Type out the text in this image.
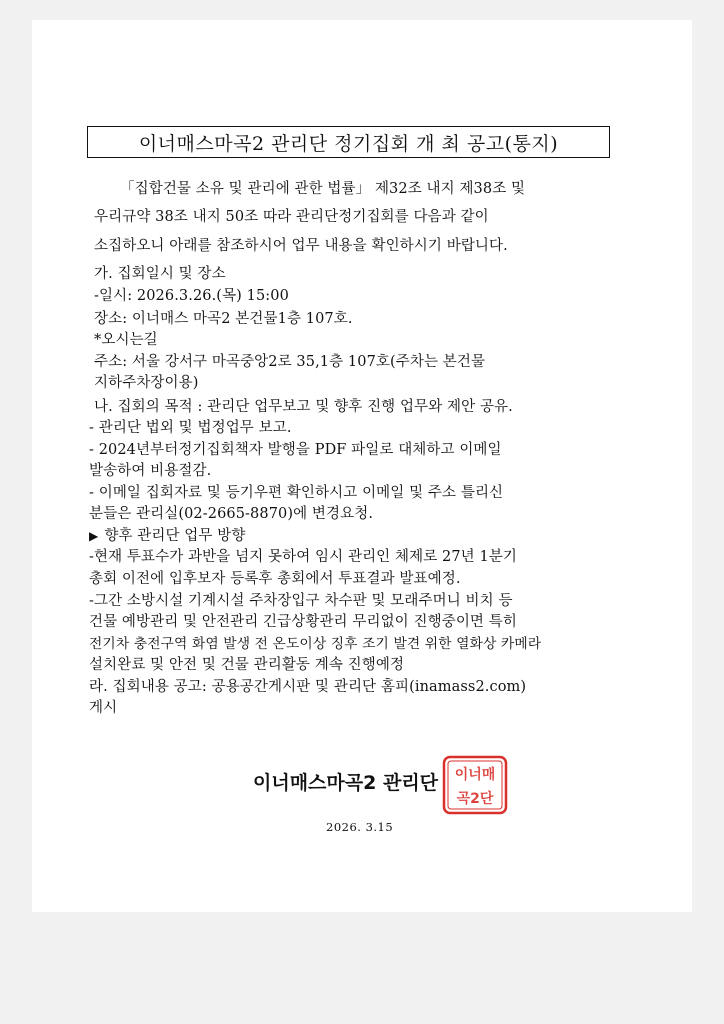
이너매스마곡2 관리단 정기집회 개 최 공고(통지)
「집합건물 소유 및 관리에 관한 법률」 제32조 내지 제38조 및
우리규약 38조 내지 50조 따라 관리단정기집회를 다음과 같이
소집하오니 아래를 참조하시어 업무 내용을 확인하시기 바랍니다.
가. 집회일시 및 장소
-일시: 2026.3.26.(목) 15:00
장소: 이너매스 마곡2 본건물1층 107호.
*오시는길
주소: 서울 강서구 마곡중앙2로 35,1층 107호(주차는 본건물
지하주차장이용)
나. 집회의 목적 : 관리단 업무보고 및 향후 진행 업무와 제안 공유.
- 관리단 법외 및 법정업무 보고.
- 2024년부터정기집회책자 발행을 PDF 파일로 대체하고 이메일
발송하여 비용절감.
- 이메일 집회자료 및 등기우편 확인하시고 이메일 및 주소 틀리신
분들은 관리실(02-2665-8870)에 변경요청.
▶ 향후 관리단 업무 방향
-현재 투표수가 과반을 넘지 못하여 임시 관리인 체제로 27년 1분기
총회 이전에 입후보자 등록후 총회에서 투표결과 발표예정.
-그간 소방시설 기계시설 주차장입구 차수판 및 모래주머니 비치 등
건물 예방관리 및 안전관리 긴급상황관리 무리없이 진행중이면 특히
전기차 충전구역 화염 발생 전 온도이상 징후 조기 발견 위한 열화상 카메라
설치완료 및 안전 및 건물 관리활동 계속 진행예정
라. 집회내용 공고: 공용공간게시판 및 관리단 홈피(inamass2.com)
게시
이너매스마곡2 관리단
2026. 3.15
이너매
곡2단
